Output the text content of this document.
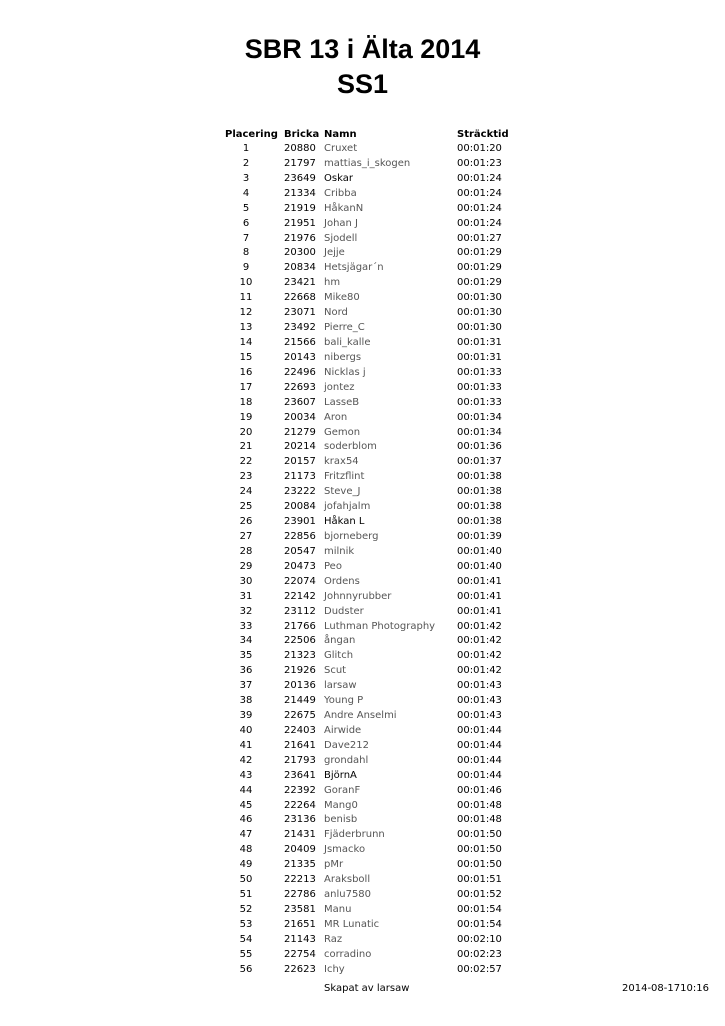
SBR 13 i Älta 2014
SS1
Placering Bricka Namn	Sträcktid
1	20880 Cruxet	00:01:20
2	21797 mattias_i_skogen	00:01:23
3	23649 Oskar	00:01:24
4	21334 Cribba	00:01:24
5	21919 HåkanN	00:01:24
6	21951 Johan J	00:01:24
7	21976 Sjodell	00:01:27
8	20300 Jejje	00:01:29
9	20834 Hetsjägar´n	00:01:29
10	23421 hm	00:01:29
11	22668 Mike80	00:01:30
12	23071 Nord	00:01:30
13	23492 Pierre_C	00:01:30
14	21566 bali_kalle	00:01:31
15	20143 nibergs	00:01:31
16	22496 Nicklas j	00:01:33
17	22693 jontez	00:01:33
18	23607 LasseB	00:01:33
19	20034 Aron	00:01:34
20	21279 Gemon	00:01:34
21	20214 soderblom	00:01:36
22	20157 krax54	00:01:37
23	21173 Fritzflint	00:01:38
24	23222 Steve_J	00:01:38
25	20084 jofahjalm	00:01:38
26	23901 Håkan L	00:01:38
27	22856 bjorneberg	00:01:39
28	20547 milnik	00:01:40
29	20473 Peo	00:01:40
30	22074 Ordens	00:01:41
31	22142 Johnnyrubber	00:01:41
32	23112 Dudster	00:01:41
33	21766 Luthman Photography 00:01:42
34	22506 ångan	00:01:42
35	21323 Glitch	00:01:42
36	21926 Scut	00:01:42
37	20136 larsaw	00:01:43
38	21449 Young P	00:01:43
39	22675 Andre Anselmi	00:01:43
40	22403 Airwide	00:01:44
41	21641 Dave212	00:01:44
42	21793 grondahl	00:01:44
43	23641 BjörnA	00:01:44
44	22392 GoranF	00:01:46
45	22264 Mang0	00:01:48
46	23136 benisb	00:01:48
47	21431 Fjäderbrunn	00:01:50
48	20409 Jsmacko	00:01:50
49	21335 pMr	00:01:50
50	22213 Araksboll	00:01:51
51	22786 anlu7580	00:01:52
52	23581 Manu	00:01:54
53	21651 MR Lunatic	00:01:54
54	21143 Raz	00:02:10
55	22754 corradino	00:02:23
56	22623 Ichy	00:02:57
Skapat av larsaw	2014-08-1710:16
